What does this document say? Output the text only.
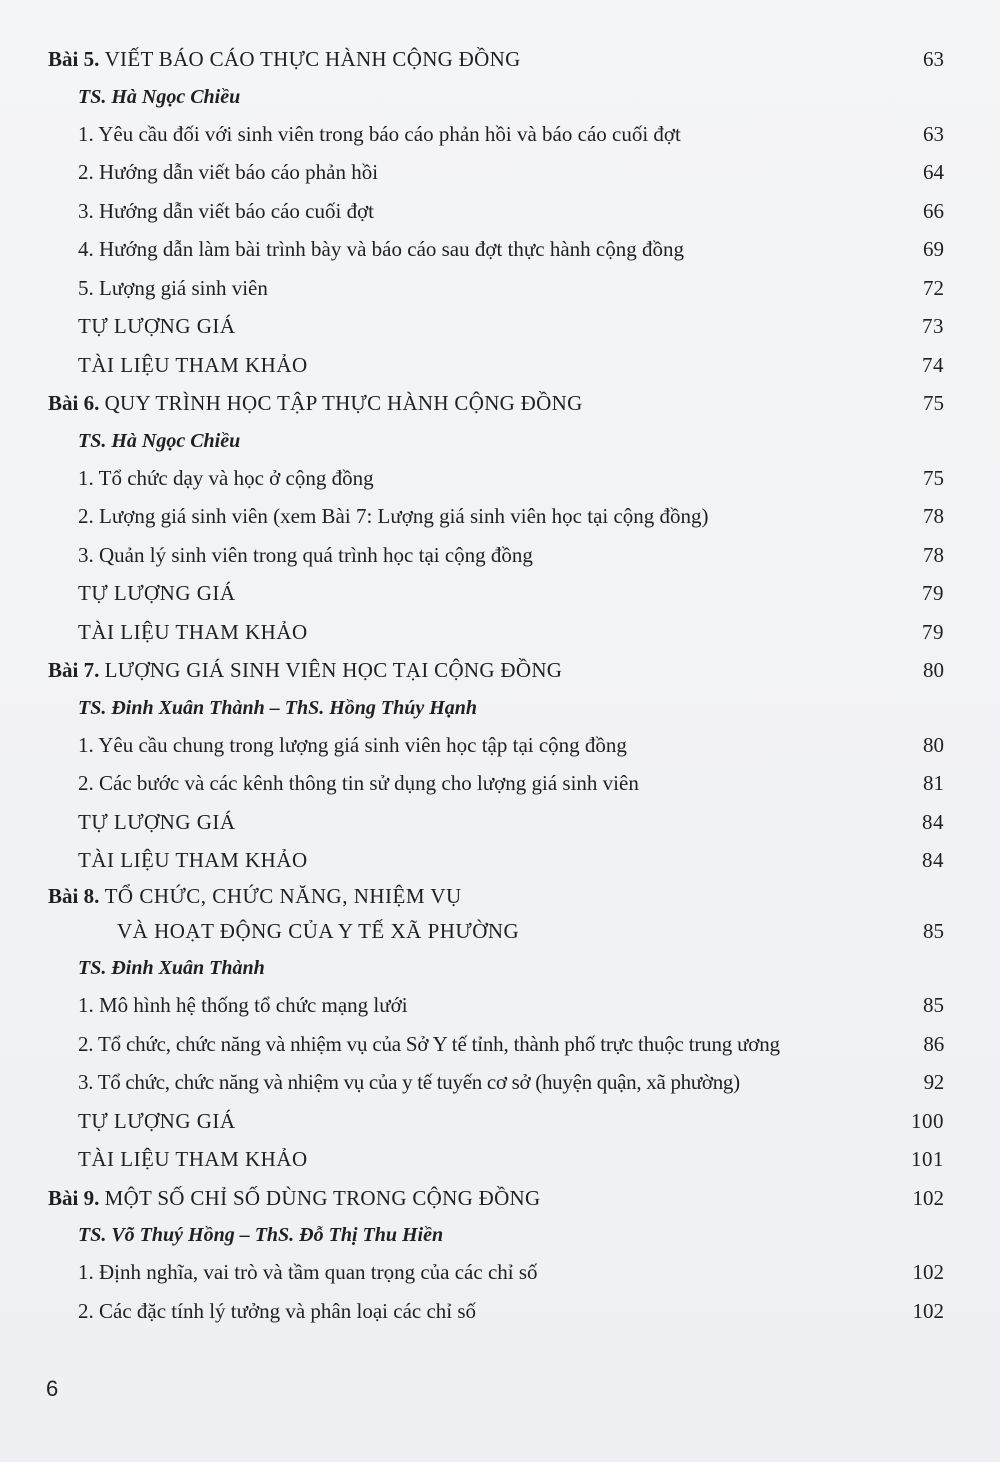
Bài 5. VIẾT BÁO CÁO THỰC HÀNH CỘNG ĐỒNG .....	63
TS. Hà Ngọc Chiều
1. Yêu cầu đối với sinh viên trong báo cáo phản hồi và báo cáo cuối đợt .....	63
2. Hướng dẫn viết báo cáo phản hồi .....	64
3. Hướng dẫn viết báo cáo cuối đợt .....	66
4. Hướng dẫn làm bài trình bày và báo cáo sau đợt thực hành cộng đồng .....	69
5. Lượng giá sinh viên .....	72
TỰ LƯỢNG GIÁ .....	73
TÀI LIỆU THAM KHẢO .....	74
Bài 6. QUY TRÌNH HỌC TẬP THỰC HÀNH CỘNG ĐỒNG .....	75
TS. Hà Ngọc Chiều
1. Tổ chức dạy và học ở cộng đồng .....	75
2. Lượng giá sinh viên (xem Bài 7: Lượng giá sinh viên học tại cộng đồng) .....	78
3. Quản lý sinh viên trong quá trình học tại cộng đồng .....	78
TỰ LƯỢNG GIÁ .....	79
TÀI LIỆU THAM KHẢO .....	79
Bài 7. LƯỢNG GIÁ SINH VIÊN HỌC TẠI CỘNG ĐỒNG .....	80
TS. Đinh Xuân Thành – ThS. Hồng Thúy Hạnh
1. Yêu cầu chung trong lượng giá sinh viên học tập tại cộng đồng .....	80
2. Các bước và các kênh thông tin sử dụng cho lượng giá sinh viên .....	81
TỰ LƯỢNG GIÁ .....	84
TÀI LIỆU THAM KHẢO .....	84
Bài 8. TỔ CHỨC, CHỨC NĂNG, NHIỆM VỤ
VÀ HOẠT ĐỘNG CỦA Y TẾ XÃ PHƯỜNG .....	85
TS. Đinh Xuân Thành
1. Mô hình hệ thống tổ chức mạng lưới .....	85
2. Tổ chức, chức năng và nhiệm vụ của Sở Y tế tỉnh, thành phố trực thuộc trung ương .....	86
3. Tổ chức, chức năng và nhiệm vụ của y tế tuyến cơ sở (huyện quận, xã phường) .....	92
TỰ LƯỢNG GIÁ .....	100
TÀI LIỆU THAM KHẢO .....	101
Bài 9. MỘT SỐ CHỈ SỐ DÙNG TRONG CỘNG ĐỒNG .....	102
TS. Võ Thuý Hồng – ThS. Đỗ Thị Thu Hiền
1. Định nghĩa, vai trò và tầm quan trọng của các chỉ số .....	102
2. Các đặc tính lý tưởng và phân loại các chỉ số .....	102
6
